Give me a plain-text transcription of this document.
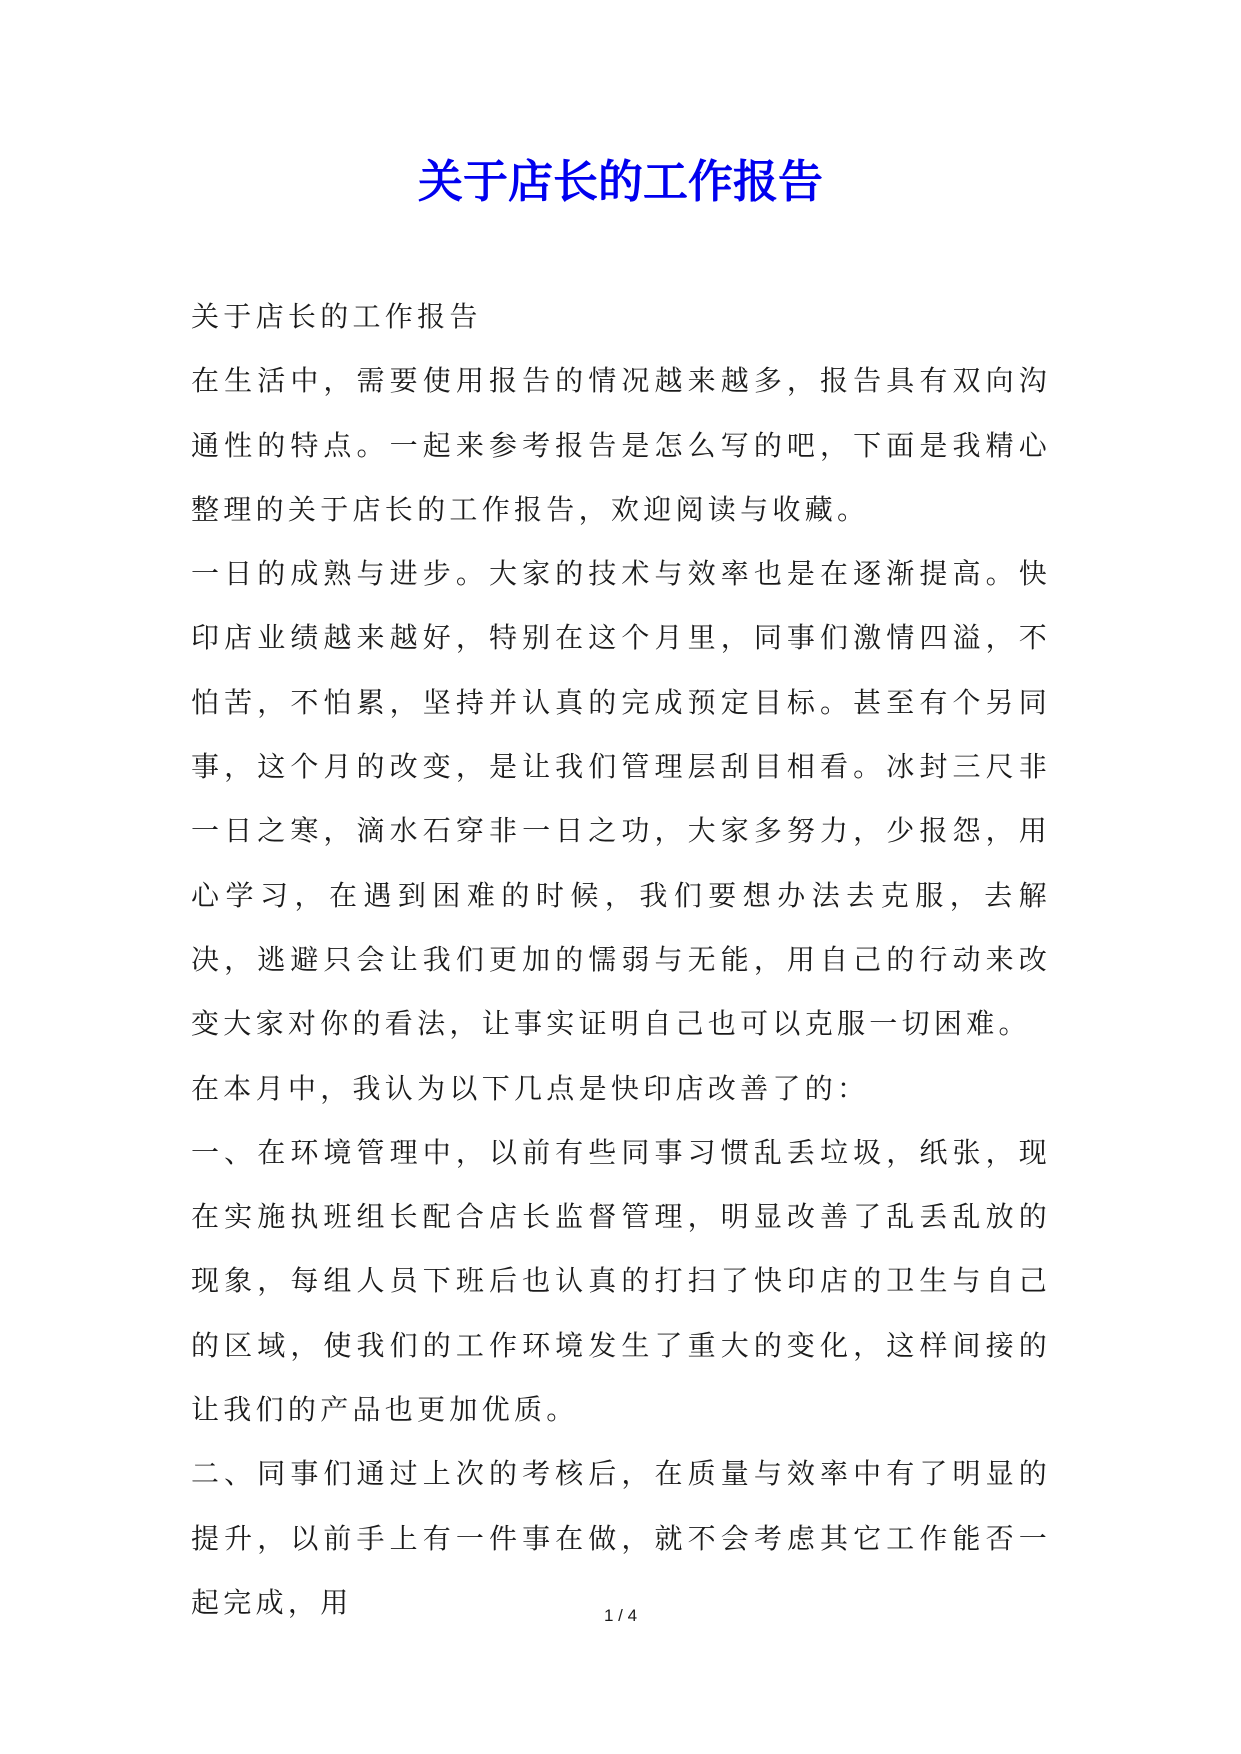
关于店长的工作报告

关于店长的工作报告

在生活中，需要使用报告的情况越来越多，报告具有双向沟通性的特点。一起来参考报告是怎么写的吧，下面是我精心整理的关于店长的工作报告，欢迎阅读与收藏。

一日的成熟与进步。大家的技术与效率也是在逐渐提高。快印店业绩越来越好，特别在这个月里，同事们激情四溢，不怕苦，不怕累，坚持并认真的完成预定目标。甚至有个另同事，这个月的改变，是让我们管理层刮目相看。冰封三尺非一日之寒，滴水石穿非一日之功，大家多努力，少报怨，用心学习，在遇到困难的时候，我们要想办法去克服，去解决，逃避只会让我们更加的懦弱与无能，用自己的行动来改变大家对你的看法，让事实证明自己也可以克服一切困难。

在本月中，我认为以下几点是快印店改善了的：

一、在环境管理中，以前有些同事习惯乱丢垃圾，纸张，现在实施执班组长配合店长监督管理，明显改善了乱丢乱放的现象，每组人员下班后也认真的打扫了快印店的卫生与自己的区域，使我们的工作环境发生了重大的变化，这样间接的让我们的产品也更加优质。

二、同事们通过上次的考核后，在质量与效率中有了明显的提升，以前手上有一件事在做，就不会考虑其它工作能否一起完成，用	1 / 4
